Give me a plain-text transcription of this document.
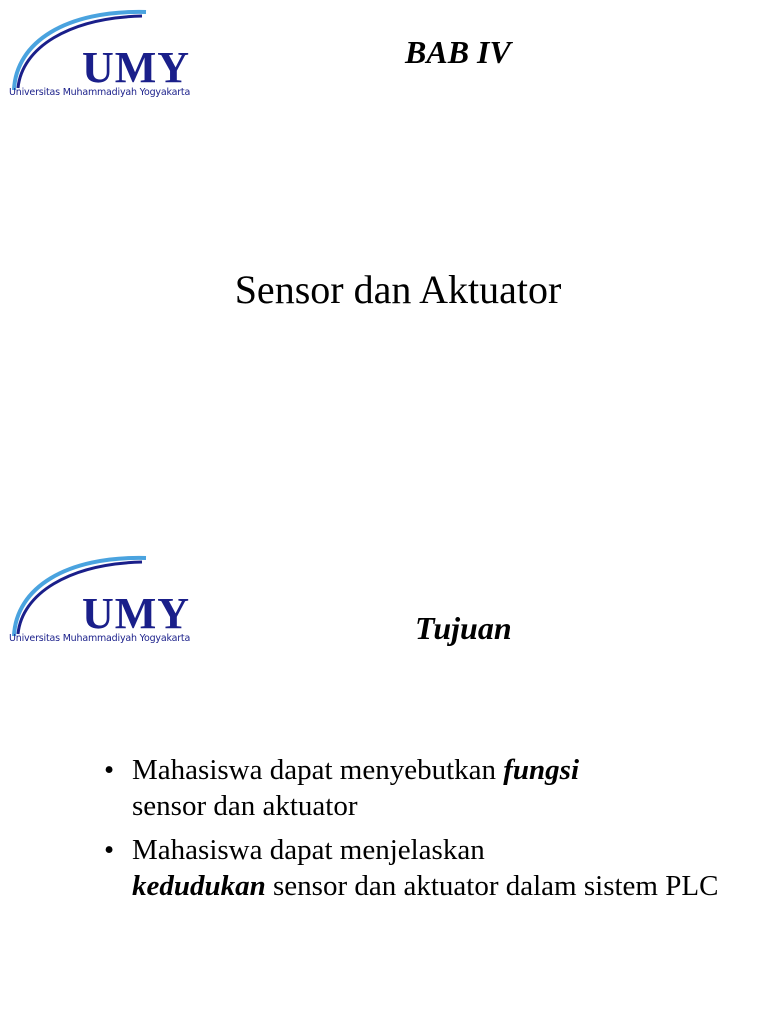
UMY
Universitas Muhammadiyah Yogyakarta
BAB IV
Sensor dan Aktuator
UMY
Universitas Muhammadiyah Yogyakarta	Tujuan
• Mahasiswa dapat menyebutkan fungsi
sensor dan aktuator
• Mahasiswa dapat menjelaskan
kedudukan sensor dan aktuator dalam sistem PLC
